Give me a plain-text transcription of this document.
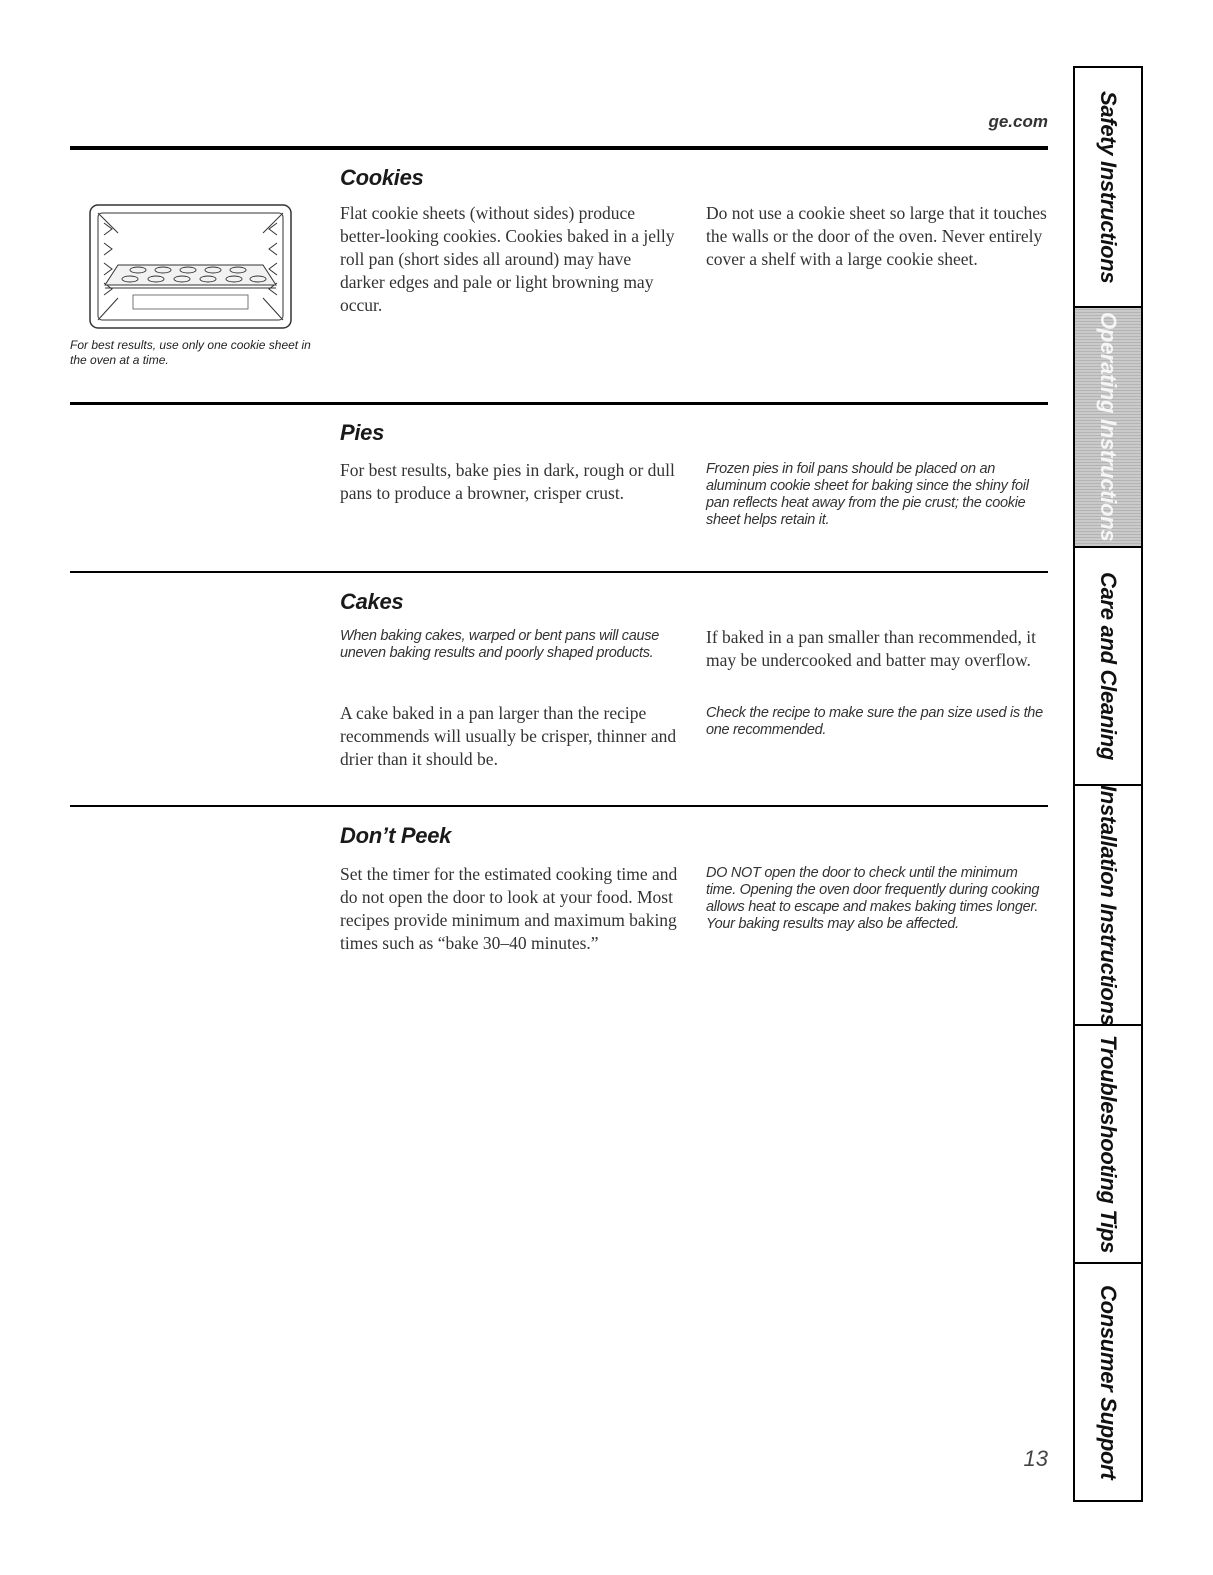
ge.com
For best results, use only one cookie sheet in the oven at a time.
Cookies

Flat cookie sheets (without sides) produce better-looking cookies. Cookies baked in a jelly roll pan (short sides all around) may have darker edges and pale or light browning may occur.

Do not use a cookie sheet so large that it touches the walls or the door of the oven. Never entirely cover a shelf with a large cookie sheet.

Pies

For best results, bake pies in dark, rough or dull pans to produce a browner, crisper crust.

Frozen pies in foil pans should be placed on an aluminum cookie sheet for baking since the shiny foil pan reflects heat away from the pie crust; the cookie sheet helps retain it.

Cakes

When baking cakes, warped or bent pans will cause uneven baking results and poorly shaped products.

A cake baked in a pan larger than the recipe recommends will usually be crisper, thinner and drier than it should be.

If baked in a pan smaller than recommended, it may be undercooked and batter may overflow.

Check the recipe to make sure the pan size used is the one recommended.

Don’t Peek

Set the timer for the estimated cooking time and do not open the door to look at your food. Most recipes provide minimum and maximum baking times such as “bake 30–40 minutes.”

DO NOT open the door to check until the minimum time. Opening the oven door frequently during cooking allows heat to escape and makes baking times longer. Your baking results may also be affected.

13
Safety Instructions
Operating Instructions
Care and Cleaning
Installation Instructions
Troubleshooting Tips
Consumer Support
